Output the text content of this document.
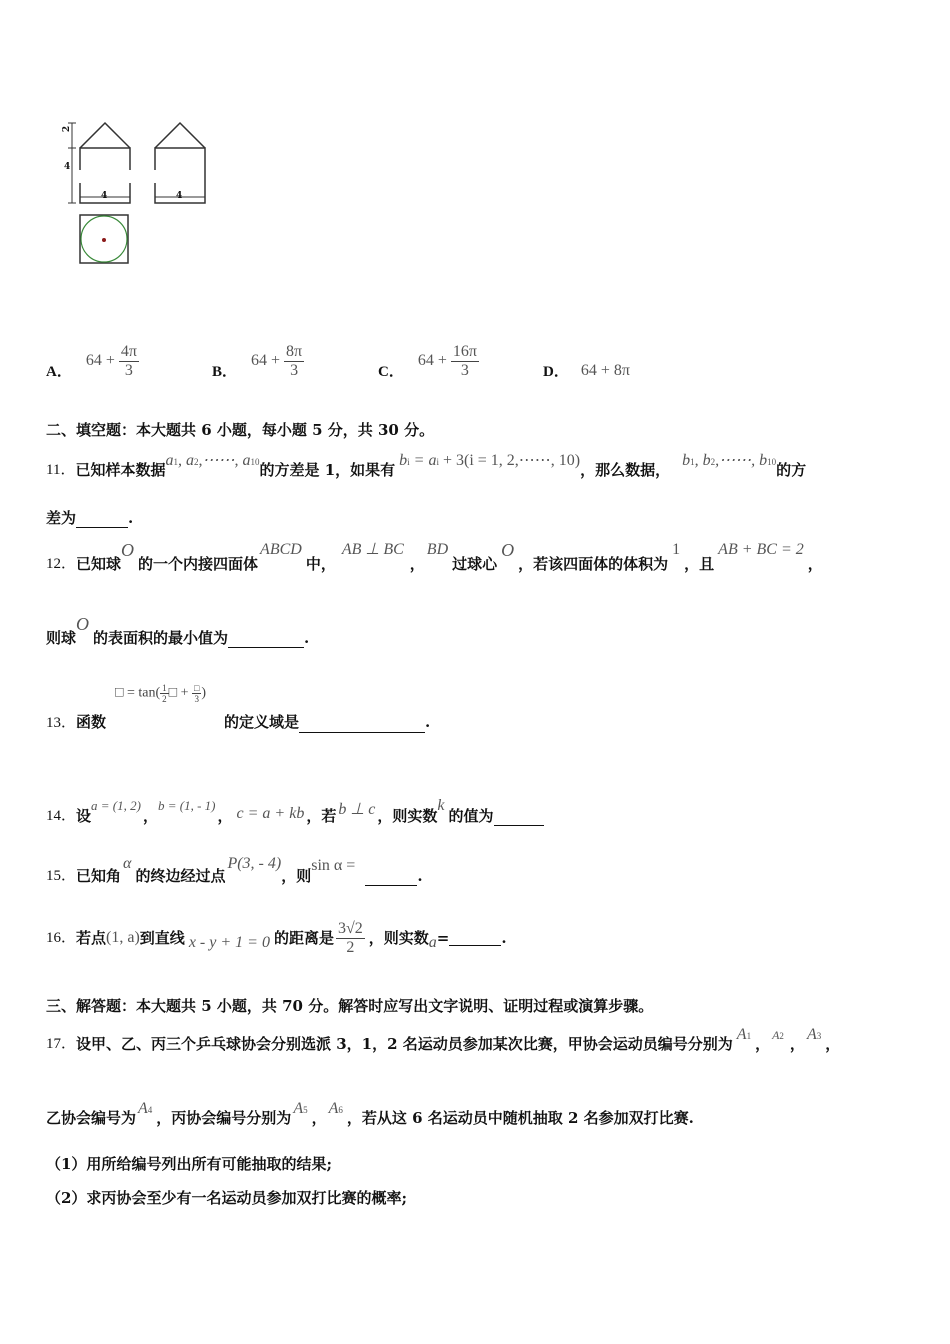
2
4
4	4
A．
$64 + \frac{4\pi}{3}$	B．
$64 + \frac{8\pi}{3}$	C．
$64 + \frac{16\pi}{3}$	D． 64 + 8π
二、填空题：本大题共 6 小题，每小题 5 分，共 30 分。
11． 已知样本数据
a1, a2,⋯⋯, a10 的方差是 1，如果有
bi = ai + 3(i = 1, 2,⋯⋯, 10)
，那么数据，
b1, b2,⋯⋯, b10 的方
差为	.
12． 已知球
O
的一个内接四面体
ABCD
中，
AB ⊥ BC
，
BD
过球心
O
，若该四面体的体积为
1
，且
AB + BC = 2
，
则球
O
的表面积的最小值为	.
□ = $\tan( \frac{1}{2}$ □ + $\frac{□}{3}$ )
13．函数	的定义域是	.
14． 设
a = (1, 2)
，
b = (1, - 1)
， c = a + kb ，若 b ⊥ c ，则实数
k
的值为
15． 已知角
α
的终边经过点
P(3, - 4)
，则
sin α =
.
16． 若点 (1, a) 到直线 x - y + 1 = 0 的距离是 $\frac{3√2}{2}$ ，则实数 a =	.
三、解答题：本大题共 5 小题，共 70 分。解答时应写出文字说明、证明过程或演算步骤。
17． 设甲、乙、丙三个乒乓球协会分别选派 3，1，2 名运动员参加某次比赛，甲协会运动员编号分别为
A1 ， A2 ，
A3 ，
乙协会编号为
A4 ，丙协会编号分别为
A5 ，
A6 ，若从这 6 名运动员中随机抽取 2 名参加双打比赛.
（1）用所给编号列出所有可能抽取的结果;
（2）求丙协会至少有一名运动员参加双打比赛的概率;
